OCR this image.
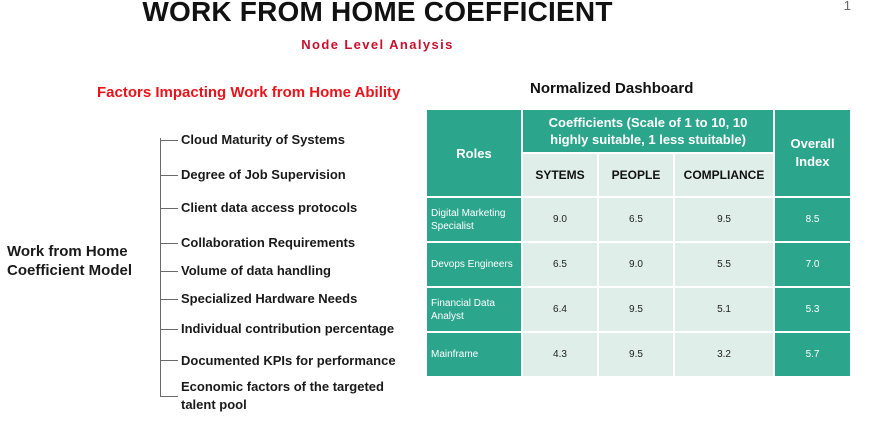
WORK FROM HOME COEFFICIENT
Node Level Analysis
1
Factors Impacting Work from Home Ability
Work from Home
Coefficient Model
Cloud Maturity of Systems
Degree of Job Supervision
Client data access protocols
Collaboration Requirements
Volume of data handling
Specialized Hardware Needs
Individual contribution percentage
Documented KPIs for performance
Economic factors of the targeted
talent pool
Normalized Dashboard
Roles	Coefficients (Scale of 1 to 10, 10 highly suitable, 1 less stuitable)			Overall Index
	SYTEMS	PEOPLE	COMPLIANCE	
Digital Marketing Specialist	9.0	6.5	9.5	8.5
Devops Engineers	6.5	9.0	5.5	7.0
Financial Data Analyst	6.4	9.5	5.1	5.3
Mainframe	4.3	9.5	3.2	5.7
